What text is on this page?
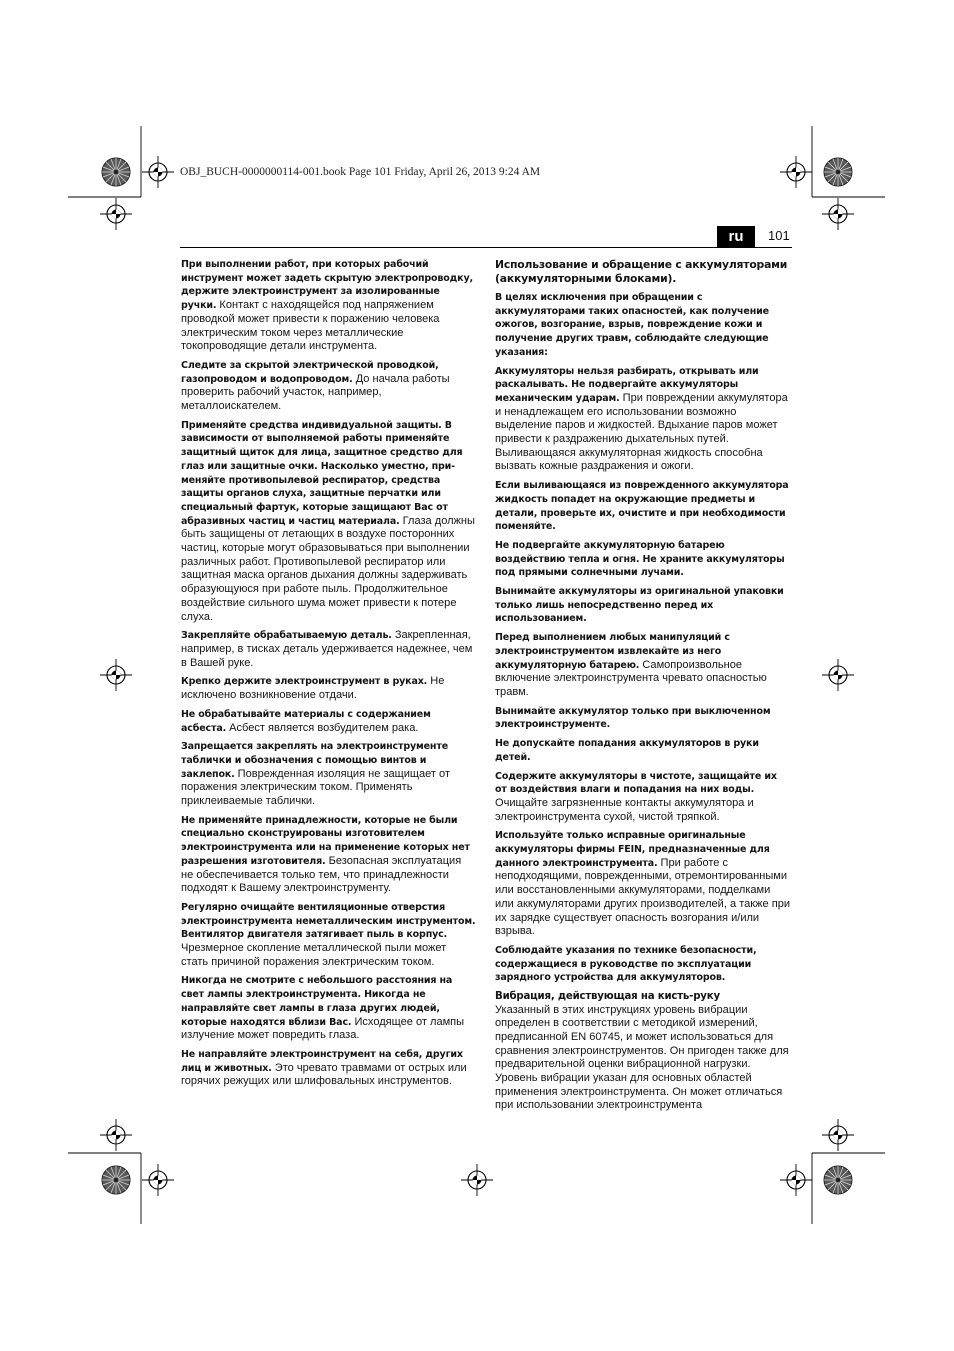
OBJ_BUCH-0000000114-001.book Page 101 Friday, April 26, 2013 9:24 AM
ru	101

При выполнении работ, при которых рабочий инструмент может задеть скрытую электропроводку, держите электроинструмент за изолированные ручки. Контакт с находящейся под напряжением проводкой может привести к поражению человека электрическим током через металлические токопроводящие детали инструмента.

Следите за скрытой электрической проводкой, газопроводом и водопроводом. До начала работы проверить рабочий участок, например, металлоискателем.

Применяйте средства индивидуальной защиты. В зависимости от выполняемой работы применяйте защитный щиток для лица, защитное средство для глаз или защитные очки. Насколько уместно, при-меняйте противопылевой респиратор, средства защиты органов слуха, защитные перчатки или специальный фартук, которые защищают Вас от абразивных частиц и частиц материала. Глаза должны быть защищены от летающих в воздухе посторонних частиц, которые могут образовываться при выполнении различных работ. Противопылевой респиратор или защитная маска органов дыхания должны задерживать образующуюся при работе пыль. Продолжительное воздействие сильного шума может привести к потере слуха.

Закрепляйте обрабатываемую деталь. Закрепленная, например, в тисках деталь удерживается надежнее, чем в Вашей руке.

Крепко держите электроинструмент в руках. Не исключено возникновение отдачи.

Не обрабатывайте материалы с содержанием асбеста. Асбест является возбудителем рака.

Запрещается закреплять на электроинструменте таблички и обозначения с помощью винтов и заклепок. Поврежденная изоляция не защищает от поражения электрическим током. Применять приклеиваемые таблички.

Не применяйте принадлежности, которые не были специально сконструированы изготовителем электроинструмента или на применение которых нет разрешения изготовителя. Безопасная эксплуатация не обеспечивается только тем, что принадлежности подходят к Вашему электроинструменту.

Регулярно очищайте вентиляционные отверстия электроинструмента неметаллическим инструментом. Вентилятор двигателя затягивает пыль в корпус. Чрезмерное скопление металлической пыли может стать причиной поражения электрическим током.

Никогда не смотрите с небольшого расстояния на свет лампы электроинструмента. Никогда не направляйте свет лампы в глаза других людей, которые находятся вблизи Вас. Исходящее от лампы излучение может повредить глаза.

Не направляйте электроинструмент на себя, других лиц и животных. Это чревато травмами от острых или горячих режущих или шлифовальных инструментов.

Использование и обращение с аккумуляторами (аккумуляторными блоками).

В целях исключения при обращении с аккумуляторами таких опасностей, как получение ожогов, возгорание, взрыв, повреждение кожи и получение других травм, соблюдайте следующие указания:

Аккумуляторы нельзя разбирать, открывать или раскалывать. Не подвергайте аккумуляторы механическим ударам. При повреждении аккумулятора и ненадлежащем его использовании возможно выделение паров и жидкостей. Вдыхание паров может привести к раздражению дыхательных путей. Выливающаяся аккумуляторная жидкость способна вызвать кожные раздражения и ожоги.

Если выливающаяся из поврежденного аккумулятора жидкость попадет на окружающие предметы и детали, проверьте их, очистите и при необходимости поменяйте.

Не подвергайте аккумуляторную батарею воздействию тепла и огня. Не храните аккумуляторы под прямыми солнечными лучами.

Вынимайте аккумуляторы из оригинальной упаковки только лишь непосредственно перед их использованием.

Перед выполнением любых манипуляций с электроинструментом извлекайте из него аккумуляторную батарею. Самопроизвольное включение электроинструмента чревато опасностью травм.

Вынимайте аккумулятор только при выключенном электроинструменте.

Не допускайте попадания аккумуляторов в руки детей.

Содержите аккумуляторы в чистоте, защищайте их от воздействия влаги и попадания на них воды. Очищайте загрязненные контакты аккумулятора и электроинструмента сухой, чистой тряпкой.

Используйте только исправные оригинальные аккумуляторы фирмы FEIN, предназначенные для данного электроинструмента. При работе с неподходящими, поврежденными, отремонтированными или восстановленными аккумуляторами, подделками или аккумуляторами других производителей, а также при их зарядке существует опасность возгорания и/или взрыва.

Соблюдайте указания по технике безопасности, содержащиеся в руководстве по эксплуатации зарядного устройства для аккумуляторов.

Вибрация, действующая на кисть-руку

Указанный в этих инструкциях уровень вибрации определен в соответствии с методикой измерений, предписанной EN 60745, и может использоваться для сравнения электроинструментов. Он пригоден также для предварительной оценки вибрационной нагрузки.

Уровень вибрации указан для основных областей применения электроинструмента. Он может отличаться при использовании электроинструмента
